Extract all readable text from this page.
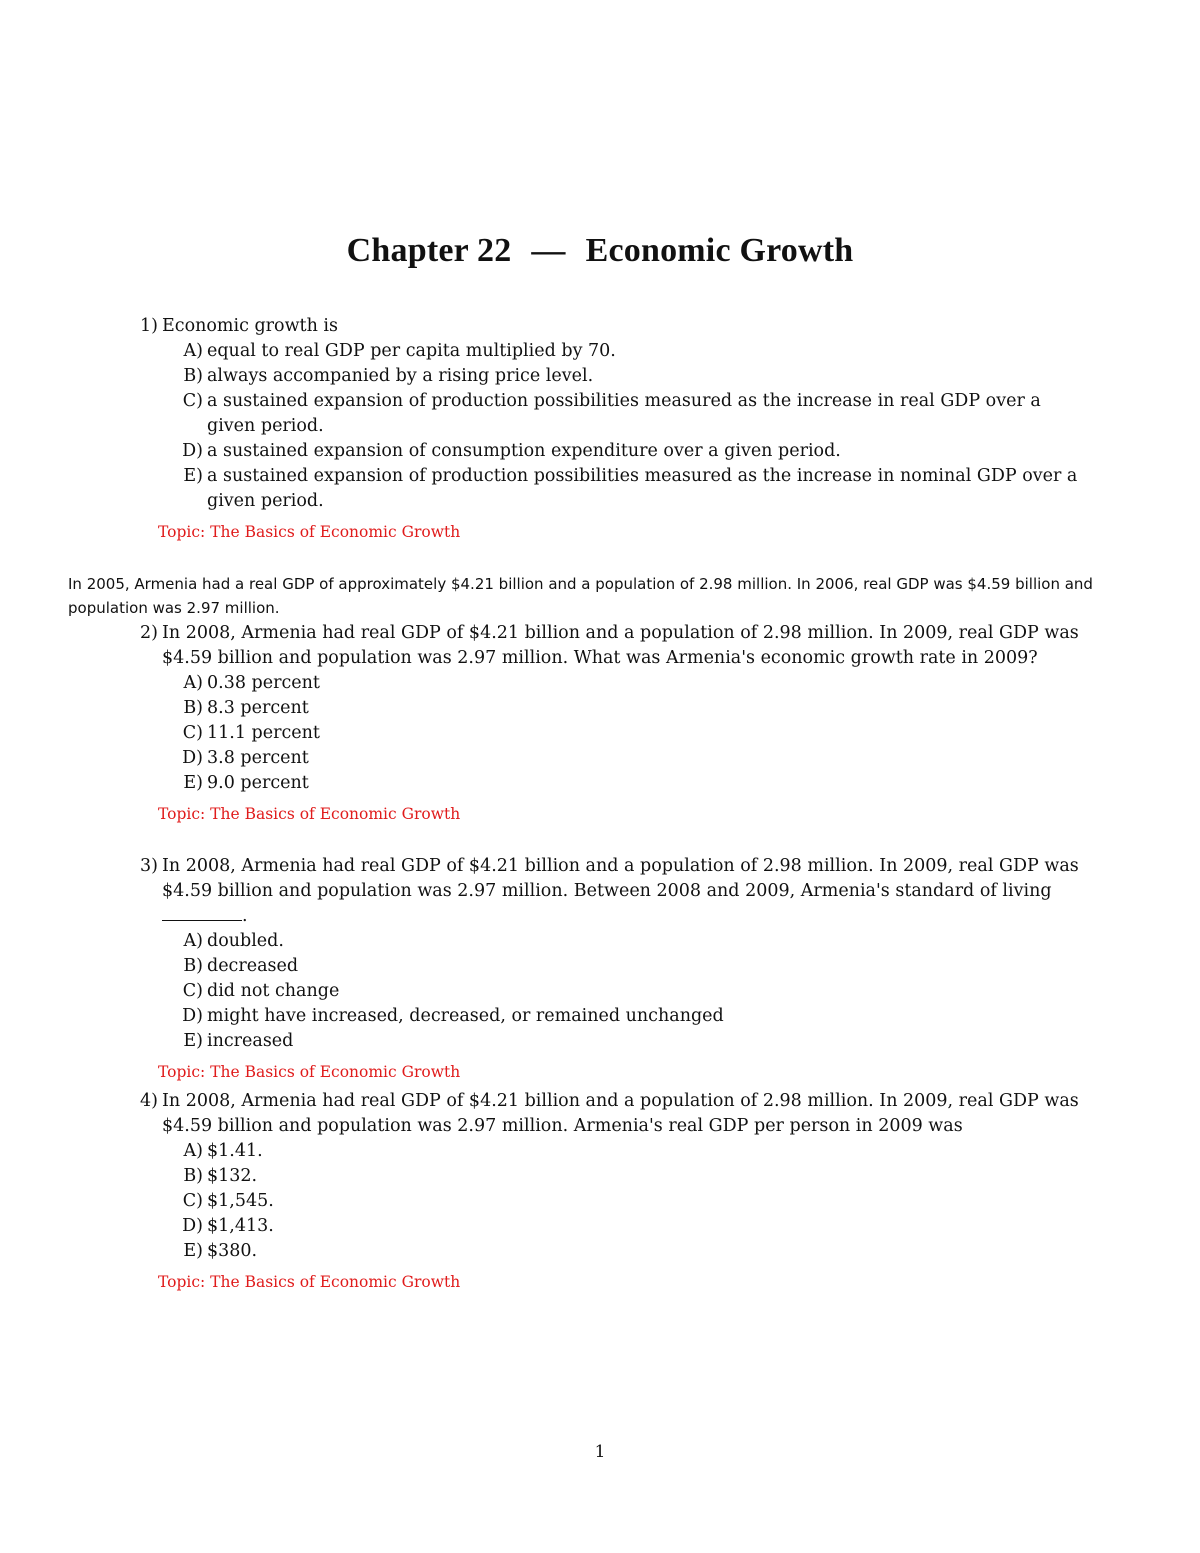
Chapter 22 — Economic Growth
1) Economic growth is
A) equal to real GDP per capita multiplied by 70.
B) always accompanied by a rising price level.
C) a sustained expansion of production possibilities measured as the increase in real GDP over a given period.
D) a sustained expansion of consumption expenditure over a given period.
E) a sustained expansion of production possibilities measured as the increase in nominal GDP over a given period.
Topic: The Basics of Economic Growth
In 2005, Armenia had a real GDP of approximately $4.21 billion and a population of 2.98 million. In 2006, real GDP was $4.59 billion and population was 2.97 million.
2) In 2008, Armenia had real GDP of $4.21 billion and a population of 2.98 million. In 2009, real GDP was $4.59 billion and population was 2.97 million. What was Armenia's economic growth rate in 2009?
A) 0.38 percent
B) 8.3 percent
C) 11.1 percent
D) 3.8 percent
E) 9.0 percent
Topic: The Basics of Economic Growth
3) In 2008, Armenia had real GDP of $4.21 billion and a population of 2.98 million. In 2009, real GDP was $4.59 billion and population was 2.97 million. Between 2008 and 2009, Armenia's standard of living .
A) doubled.
B) decreased
C) did not change
D) might have increased, decreased, or remained unchanged
E) increased
Topic: The Basics of Economic Growth
4) In 2008, Armenia had real GDP of $4.21 billion and a population of 2.98 million. In 2009, real GDP was $4.59 billion and population was 2.97 million. Armenia's real GDP per person in 2009 was
A) $1.41.
B) $132.
C) $1,545.
D) $1,413.
E) $380.
Topic: The Basics of Economic Growth
1
